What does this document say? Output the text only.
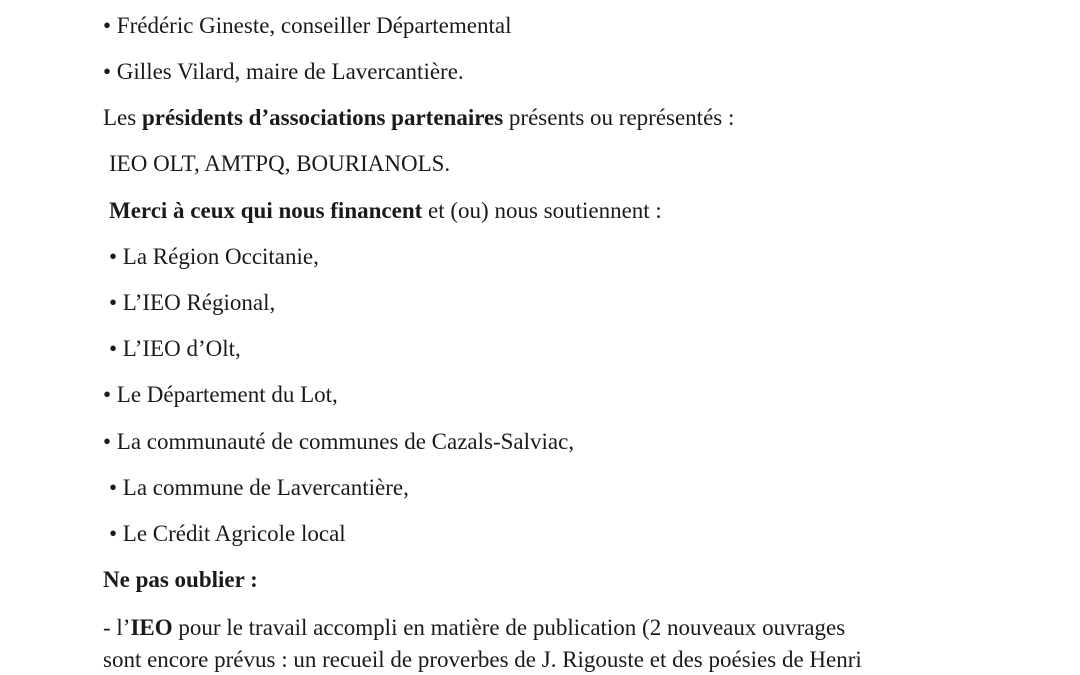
• Frédéric Gineste, conseiller Départemental
• Gilles Vilard, maire de Lavercantière.
Les présidents d’associations partenaires présents ou représentés :
IEO OLT, AMTPQ, BOURIANOLS.
Merci à ceux qui nous financent et (ou) nous soutiennent :
• La Région Occitanie,
• L’IEO Régional,
• L’IEO d’Olt,
• Le Département du Lot,
• La communauté de communes de Cazals-Salviac,
• La commune de Lavercantière,
• Le Crédit Agricole local
Ne pas oublier :
- l’IEO pour le travail accompli en matière de publication (2 nouveaux ouvrages
sont encore prévus : un recueil de proverbes de J. Rigouste et des poésies de Henri
